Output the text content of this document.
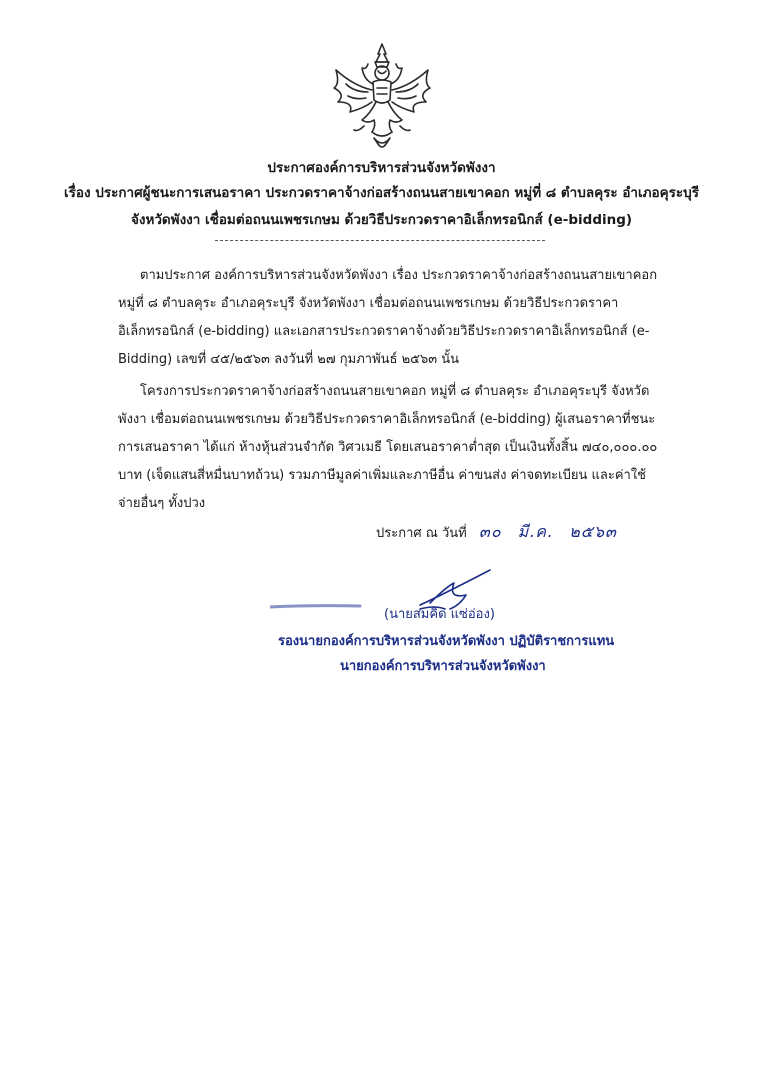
ประกาศองค์การบริหารส่วนจังหวัดพังงา
เรื่อง ประกาศผู้ชนะการเสนอราคา ประกวดราคาจ้างก่อสร้างถนนสายเขาคอก หมู่ที่ ๘ ตำบลคุระ อำเภอคุระบุรี
จังหวัดพังงา เชื่อมต่อถนนเพชรเกษม ด้วยวิธีประกวดราคาอิเล็กทรอนิกส์ (e-bidding)
ตามประกาศ องค์การบริหารส่วนจังหวัดพังงา เรื่อง ประกวดราคาจ้างก่อสร้างถนนสายเขาคอก หมู่ที่ ๘ ตำบลคุระ อำเภอคุระบุรี จังหวัดพังงา เชื่อมต่อถนนเพชรเกษม ด้วยวิธีประกวดราคาอิเล็กทรอนิกส์ (e-bidding) และเอกสารประกวดราคาจ้างด้วยวิธีประกวดราคาอิเล็กทรอนิกส์ (e-Bidding) เลขที่ ๔๕/๒๕๖๓ ลงวันที่ ๒๗ กุมภาพันธ์ ๒๕๖๓ นั้น
โครงการประกวดราคาจ้างก่อสร้างถนนสายเขาคอก หมู่ที่ ๘ ตำบลคุระ อำเภอคุระบุรี จังหวัดพังงา เชื่อมต่อถนนเพชรเกษม ด้วยวิธีประกวดราคาอิเล็กทรอนิกส์ (e-bidding) ผู้เสนอราคาที่ชนะการเสนอราคา ได้แก่ ห้างหุ้นส่วนจำกัด วิศวเมธี โดยเสนอราคาต่ำสุด เป็นเงินทั้งสิ้น ๗๔๐,๐๐๐.๐๐ บาท (เจ็ดแสนสี่หมื่นบาทถ้วน) รวมภาษีมูลค่าเพิ่มและภาษีอื่น ค่าขนส่ง ค่าจดทะเบียน และค่าใช้จ่ายอื่นๆ ทั้งปวง
ประกาศ ณ วันที่ ๓๐ มี.ค. ๒๕๖๓
(นายสมคิด แซ่อ่อง)
รองนายกองค์การบริหารส่วนจังหวัดพังงา ปฏิบัติราชการแทน
นายกองค์การบริหารส่วนจังหวัดพังงา
